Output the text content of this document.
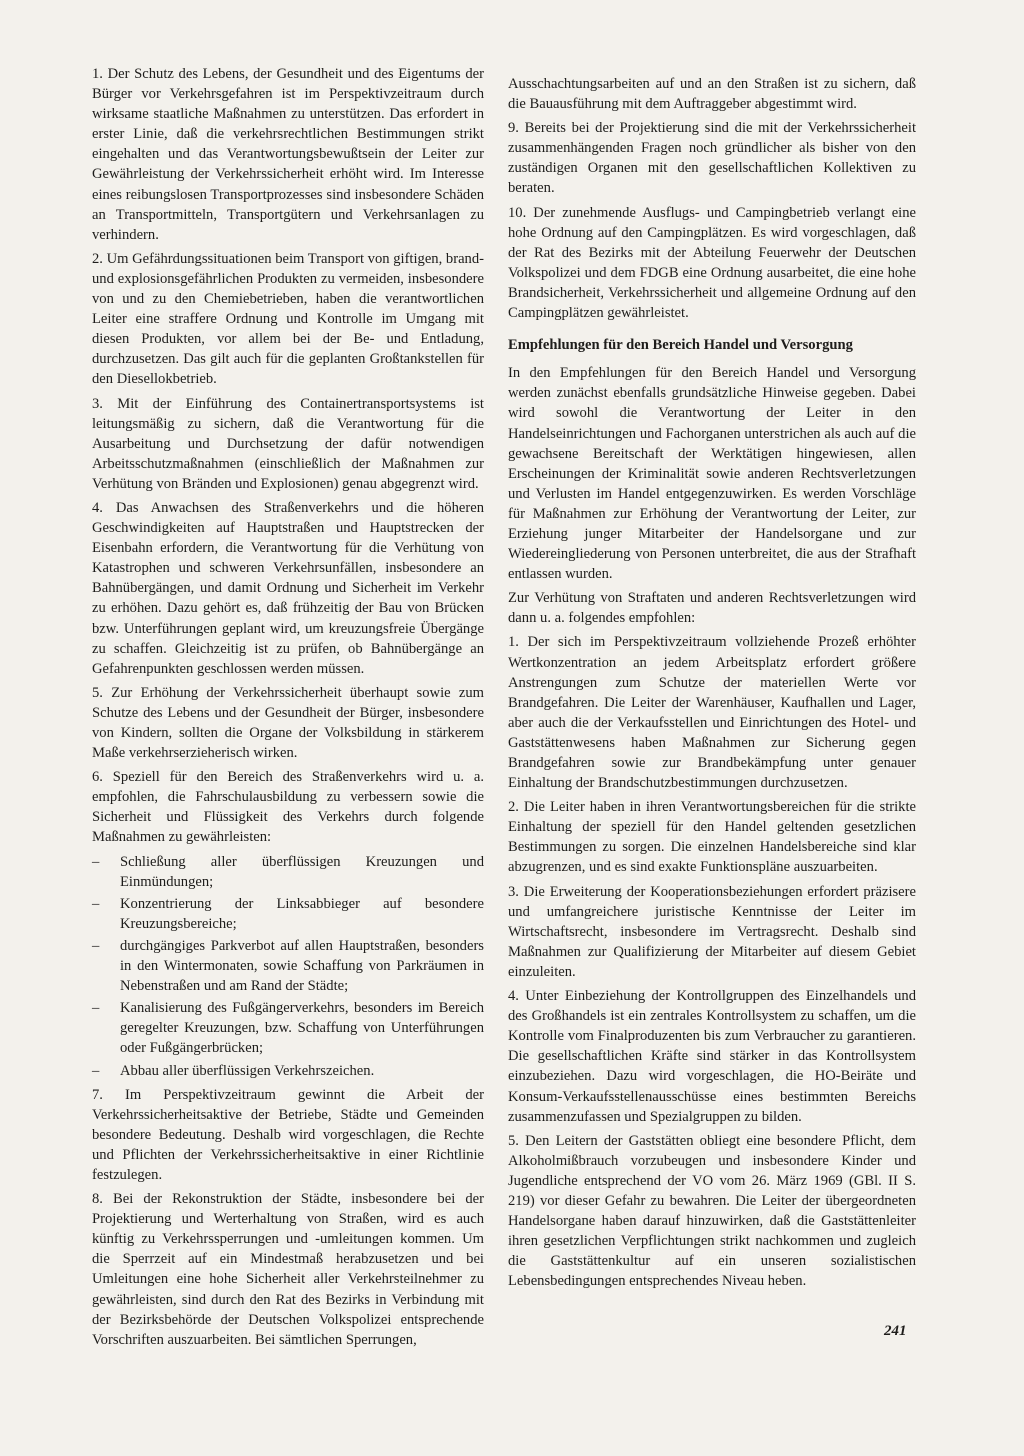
1. Der Schutz des Lebens, der Gesundheit und des Eigentums der Bürger vor Verkehrsgefahren ist im Perspektivzeitraum durch wirksame staatliche Maßnahmen zu unterstützen. Das erfordert in erster Linie, daß die verkehrsrechtlichen Bestimmungen strikt eingehalten und das Verantwortungsbewußtsein der Leiter zur Gewährleistung der Verkehrssicherheit erhöht wird. Im Interesse eines reibungslosen Transportprozesses sind insbesondere Schäden an Transportmitteln, Transportgütern und Verkehrsanlagen zu verhindern.

2. Um Gefährdungssituationen beim Transport von giftigen, brand- und explosionsgefährlichen Produkten zu vermeiden, insbesondere von und zu den Chemiebetrieben, haben die verantwortlichen Leiter eine straffere Ordnung und Kontrolle im Umgang mit diesen Produkten, vor allem bei der Be- und Entladung, durchzusetzen. Das gilt auch für die geplanten Großtankstellen für den Diesellokbetrieb.

3. Mit der Einführung des Containertransportsystems ist leitungsmäßig zu sichern, daß die Verantwortung für die Ausarbeitung und Durchsetzung der dafür notwendigen Arbeitsschutzmaßnahmen (einschließlich der Maßnahmen zur Verhütung von Bränden und Explosionen) genau abgegrenzt wird.

4. Das Anwachsen des Straßenverkehrs und die höheren Geschwindigkeiten auf Hauptstraßen und Hauptstrecken der Eisenbahn erfordern, die Verantwortung für die Verhütung von Katastrophen und schweren Verkehrsunfällen, insbesondere an Bahnübergängen, und damit Ordnung und Sicherheit im Verkehr zu erhöhen. Dazu gehört es, daß frühzeitig der Bau von Brücken bzw. Unterführungen geplant wird, um kreuzungsfreie Übergänge zu schaffen. Gleichzeitig ist zu prüfen, ob Bahnübergänge an Gefahrenpunkten geschlossen werden müssen.

5. Zur Erhöhung der Verkehrssicherheit überhaupt sowie zum Schutze des Lebens und der Gesundheit der Bürger, insbesondere von Kindern, sollten die Organe der Volksbildung in stärkerem Maße verkehrserzieherisch wirken.

6. Speziell für den Bereich des Straßenverkehrs wird u. a. empfohlen, die Fahrschulausbildung zu verbessern sowie die Sicherheit und Flüssigkeit des Verkehrs durch folgende Maßnahmen zu gewährleisten:

– Schließung aller überflüssigen Kreuzungen und Einmündungen;
– Konzentrierung der Linksabbieger auf besondere Kreuzungsbereiche;
– durchgängiges Parkverbot auf allen Hauptstraßen, besonders in den Wintermonaten, sowie Schaffung von Parkräumen in Nebenstraßen und am Rand der Städte;
– Kanalisierung des Fußgängerverkehrs, besonders im Bereich geregelter Kreuzungen, bzw. Schaffung von Unterführungen oder Fußgängerbrücken;
– Abbau aller überflüssigen Verkehrszeichen.

7. Im Perspektivzeitraum gewinnt die Arbeit der Verkehrssicherheitsaktive der Betriebe, Städte und Gemeinden besondere Bedeutung. Deshalb wird vorgeschlagen, die Rechte und Pflichten der Verkehrssicherheitsaktive in einer Richtlinie festzulegen.

8. Bei der Rekonstruktion der Städte, insbesondere bei der Projektierung und Werterhaltung von Straßen, wird es auch künftig zu Verkehrssperrungen und -umleitungen kommen. Um die Sperrzeit auf ein Mindestmaß herabzusetzen und bei Umleitungen eine hohe Sicherheit aller Verkehrsteilnehmer zu gewährleisten, sind durch den Rat des Bezirks in Verbindung mit der Bezirksbehörde der Deutschen Volkspolizei entsprechende Vorschriften auszuarbeiten. Bei sämtlichen Sperrungen,

Ausschachtungsarbeiten auf und an den Straßen ist zu sichern, daß die Bauausführung mit dem Auftraggeber abgestimmt wird.

9. Bereits bei der Projektierung sind die mit der Verkehrssicherheit zusammenhängenden Fragen noch gründlicher als bisher von den zuständigen Organen mit den gesellschaftlichen Kollektiven zu beraten.

10. Der zunehmende Ausflugs- und Campingbetrieb verlangt eine hohe Ordnung auf den Campingplätzen. Es wird vorgeschlagen, daß der Rat des Bezirks mit der Abteilung Feuerwehr der Deutschen Volkspolizei und dem FDGB eine Ordnung ausarbeitet, die eine hohe Brandsicherheit, Verkehrssicherheit und allgemeine Ordnung auf den Campingplätzen gewährleistet.

Empfehlungen für den Bereich Handel und Versorgung

In den Empfehlungen für den Bereich Handel und Versorgung werden zunächst ebenfalls grundsätzliche Hinweise gegeben. Dabei wird sowohl die Verantwortung der Leiter in den Handelseinrichtungen und Fachorganen unterstrichen als auch auf die gewachsene Bereitschaft der Werktätigen hingewiesen, allen Erscheinungen der Kriminalität sowie anderen Rechtsverletzungen und Verlusten im Handel entgegenzuwirken. Es werden Vorschläge für Maßnahmen zur Erhöhung der Verantwortung der Leiter, zur Erziehung junger Mitarbeiter der Handelsorgane und zur Wiedereingliederung von Personen unterbreitet, die aus der Strafhaft entlassen wurden.

Zur Verhütung von Straftaten und anderen Rechtsverletzungen wird dann u. a. folgendes empfohlen:

1. Der sich im Perspektivzeitraum vollziehende Prozeß erhöhter Wertkonzentration an jedem Arbeitsplatz erfordert größere Anstrengungen zum Schutze der materiellen Werte vor Brandgefahren. Die Leiter der Warenhäuser, Kaufhallen und Lager, aber auch die der Verkaufsstellen und Einrichtungen des Hotel- und Gaststättenwesens haben Maßnahmen zur Sicherung gegen Brandgefahren sowie zur Brandbekämpfung unter genauer Einhaltung der Brandschutzbestimmungen durchzusetzen.

2. Die Leiter haben in ihren Verantwortungsbereichen für die strikte Einhaltung der speziell für den Handel geltenden gesetzlichen Bestimmungen zu sorgen. Die einzelnen Handelsbereiche sind klar abzugrenzen, und es sind exakte Funktionspläne auszuarbeiten.

3. Die Erweiterung der Kooperationsbeziehungen erfordert präzisere und umfangreichere juristische Kenntnisse der Leiter im Wirtschaftsrecht, insbesondere im Vertragsrecht. Deshalb sind Maßnahmen zur Qualifizierung der Mitarbeiter auf diesem Gebiet einzuleiten.

4. Unter Einbeziehung der Kontrollgruppen des Einzelhandels und des Großhandels ist ein zentrales Kontrollsystem zu schaffen, um die Kontrolle vom Finalproduzenten bis zum Verbraucher zu garantieren. Die gesellschaftlichen Kräfte sind stärker in das Kontrollsystem einzubeziehen. Dazu wird vorgeschlagen, die HO-Beiräte und Konsum-Verkaufsstellenausschüsse eines bestimmten Bereichs zusammenzufassen und Spezialgruppen zu bilden.

5. Den Leitern der Gaststätten obliegt eine besondere Pflicht, dem Alkoholmißbrauch vorzubeugen und insbesondere Kinder und Jugendliche entsprechend der VO vom 26. März 1969 (GBl. II S. 219) vor dieser Gefahr zu bewahren. Die Leiter der übergeordneten Handelsorgane haben darauf hinzuwirken, daß die Gaststättenleiter ihren gesetzlichen Verpflichtungen strikt nachkommen und zugleich die Gaststättenkultur auf ein unseren sozialistischen Lebensbedingungen entsprechendes Niveau heben.

241
